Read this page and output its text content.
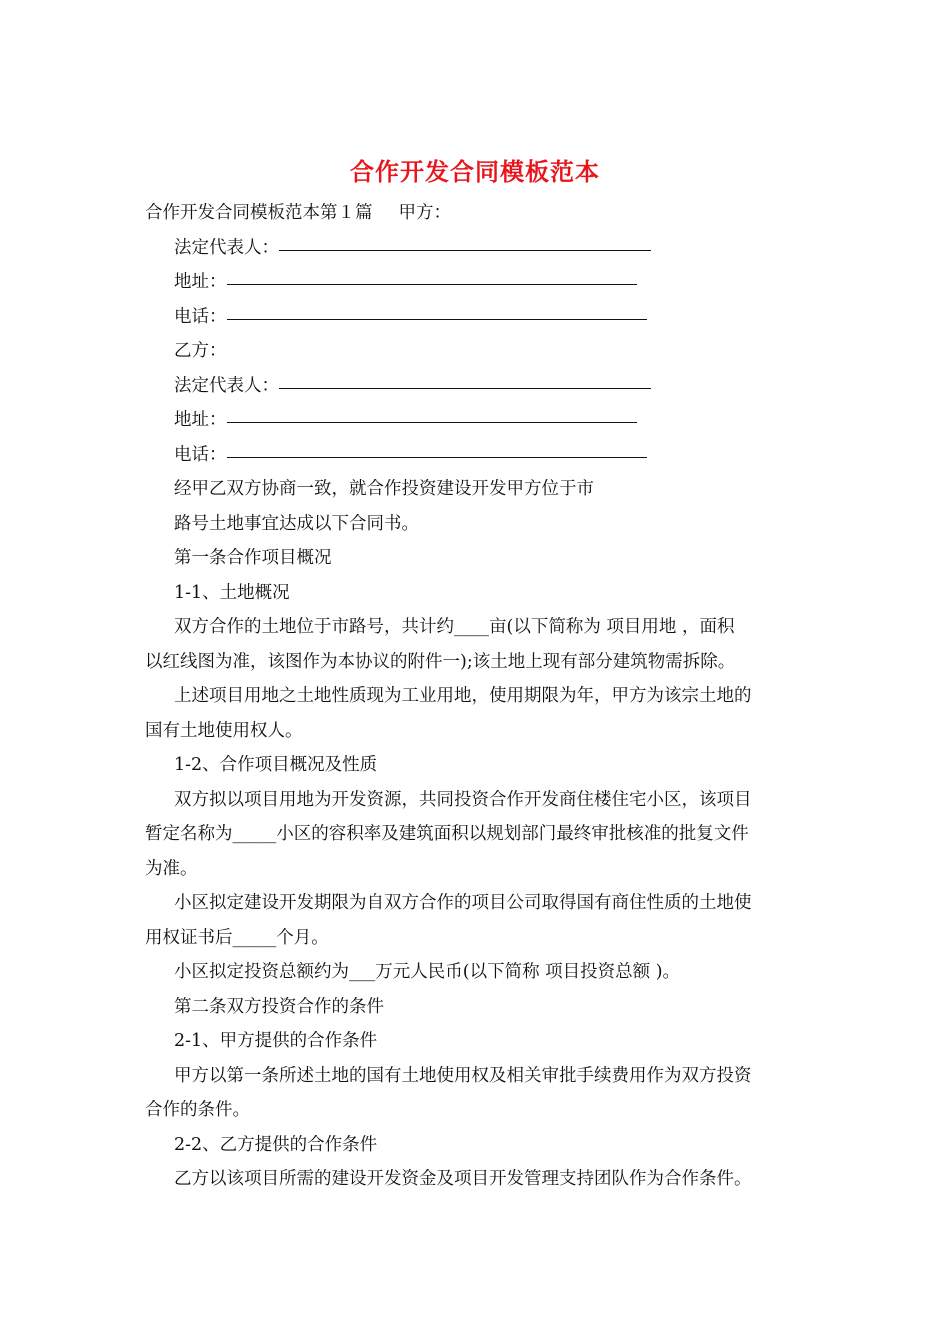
合作开发合同模板范本
合作开发合同模板范本第１篇 甲方：
法定代表人：
地址：
电话：
乙方：
法定代表人：
地址：
电话：
经甲乙双方协商一致，就合作投资建设开发甲方位于市
路号土地事宜达成以下合同书。
第一条合作项目概况
1-1、土地概况
双方合作的土地位于市路号，共计约____亩(以下简称为 项目用地 ，面积
以红线图为准，该图作为本协议的附件一);该土地上现有部分建筑物需拆除。
上述项目用地之土地性质现为工业用地，使用期限为年，甲方为该宗土地的
国有土地使用权人。
1-2、合作项目概况及性质
双方拟以项目用地为开发资源，共同投资合作开发商住楼住宅小区，该项目
暂定名称为_____小区的容积率及建筑面积以规划部门最终审批核准的批复文件
为准。
小区拟定建设开发期限为自双方合作的项目公司取得国有商住性质的土地使
用权证书后_____个月。
小区拟定投资总额约为___万元人民币(以下简称 项目投资总额 )。
第二条双方投资合作的条件
2-1、甲方提供的合作条件
甲方以第一条所述土地的国有土地使用权及相关审批手续费用作为双方投资
合作的条件。
2-2、乙方提供的合作条件
乙方以该项目所需的建设开发资金及项目开发管理支持团队作为合作条件。
